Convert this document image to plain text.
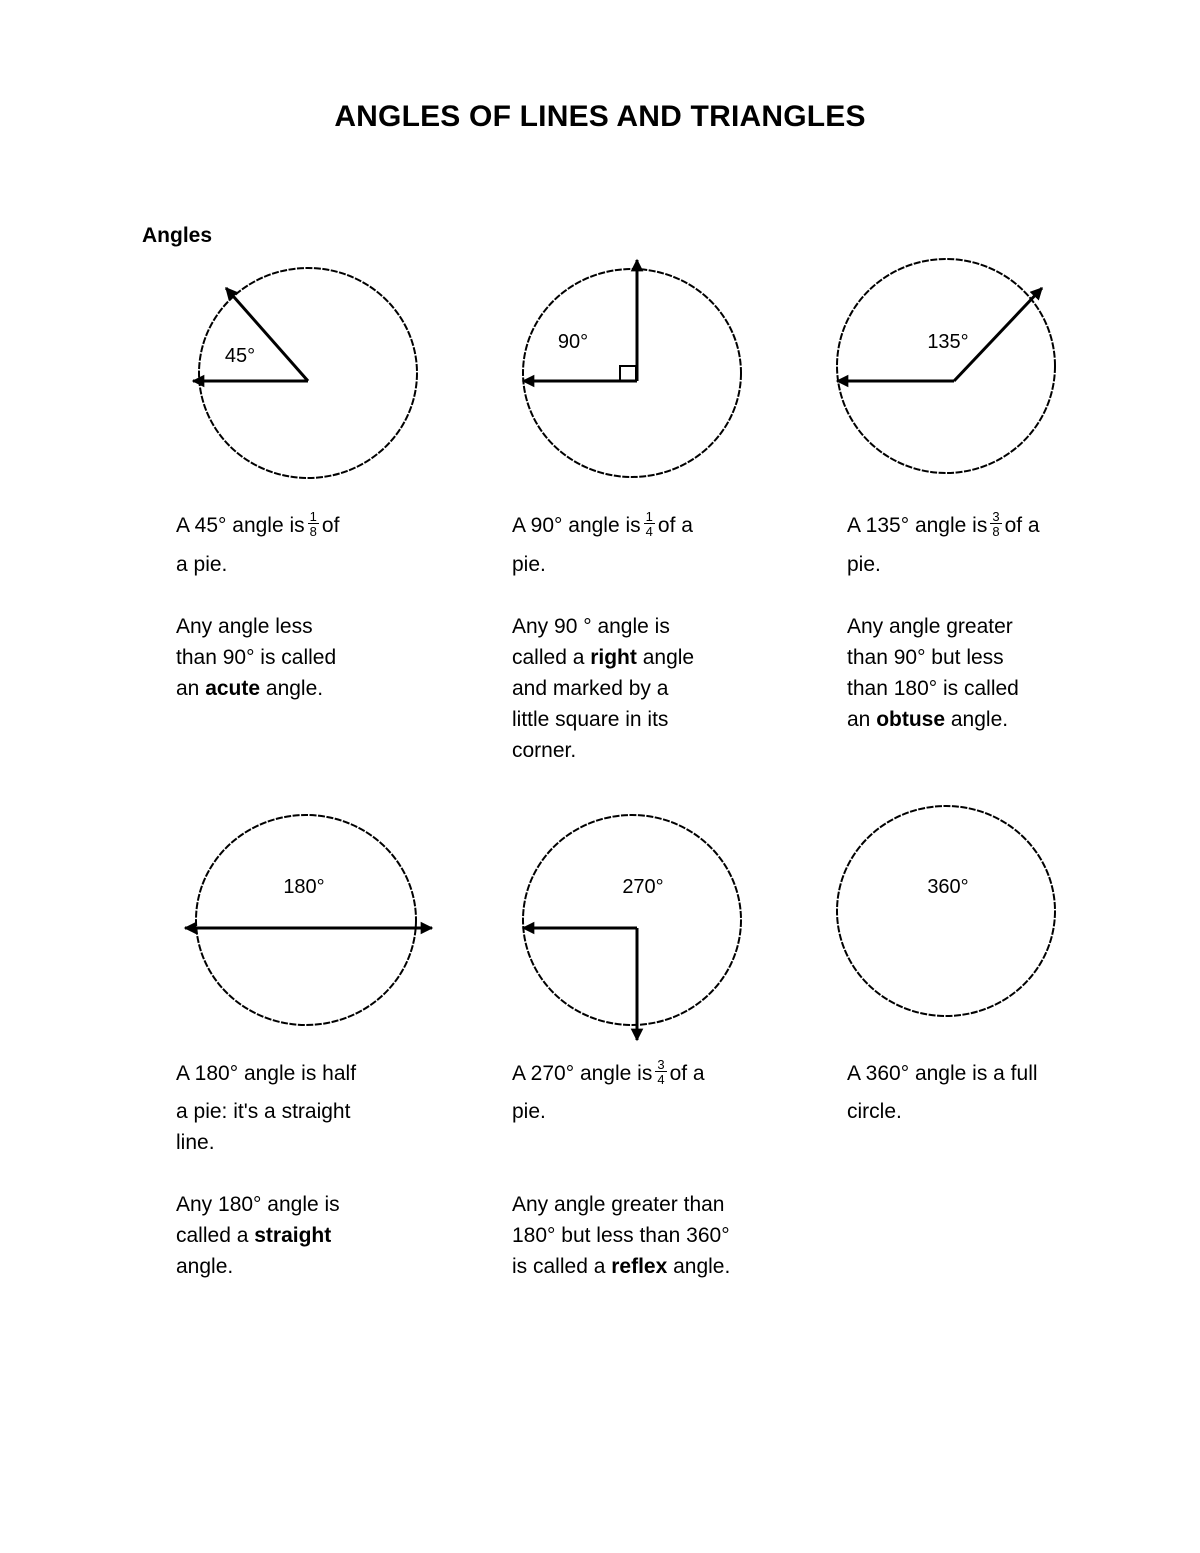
ANGLES OF LINES AND TRIANGLES
Angles
45°
90°	135°
180°	270°	360°

A 45° angle is $\frac{1}{8}$ of

a pie.

Any angle less

than 90° is called

an acute angle.

A 90° angle is $\frac{1}{4}$ of a

pie.

Any 90 ° angle is

called a right angle

and marked by a

little square in its

corner.

A 135° angle is $\frac{3}{8}$ of a

pie.

Any angle greater

than 90° but less

than 180° is called

an obtuse angle.

A 180° angle is half

a pie: it's a straight

line.

Any 180° angle is

called a straight

angle.

A 270° angle is $\frac{3}{4}$ of a

pie.

Any angle greater than

180° but less than 360°

is called a reflex angle.

A 360° angle is a full

circle.
